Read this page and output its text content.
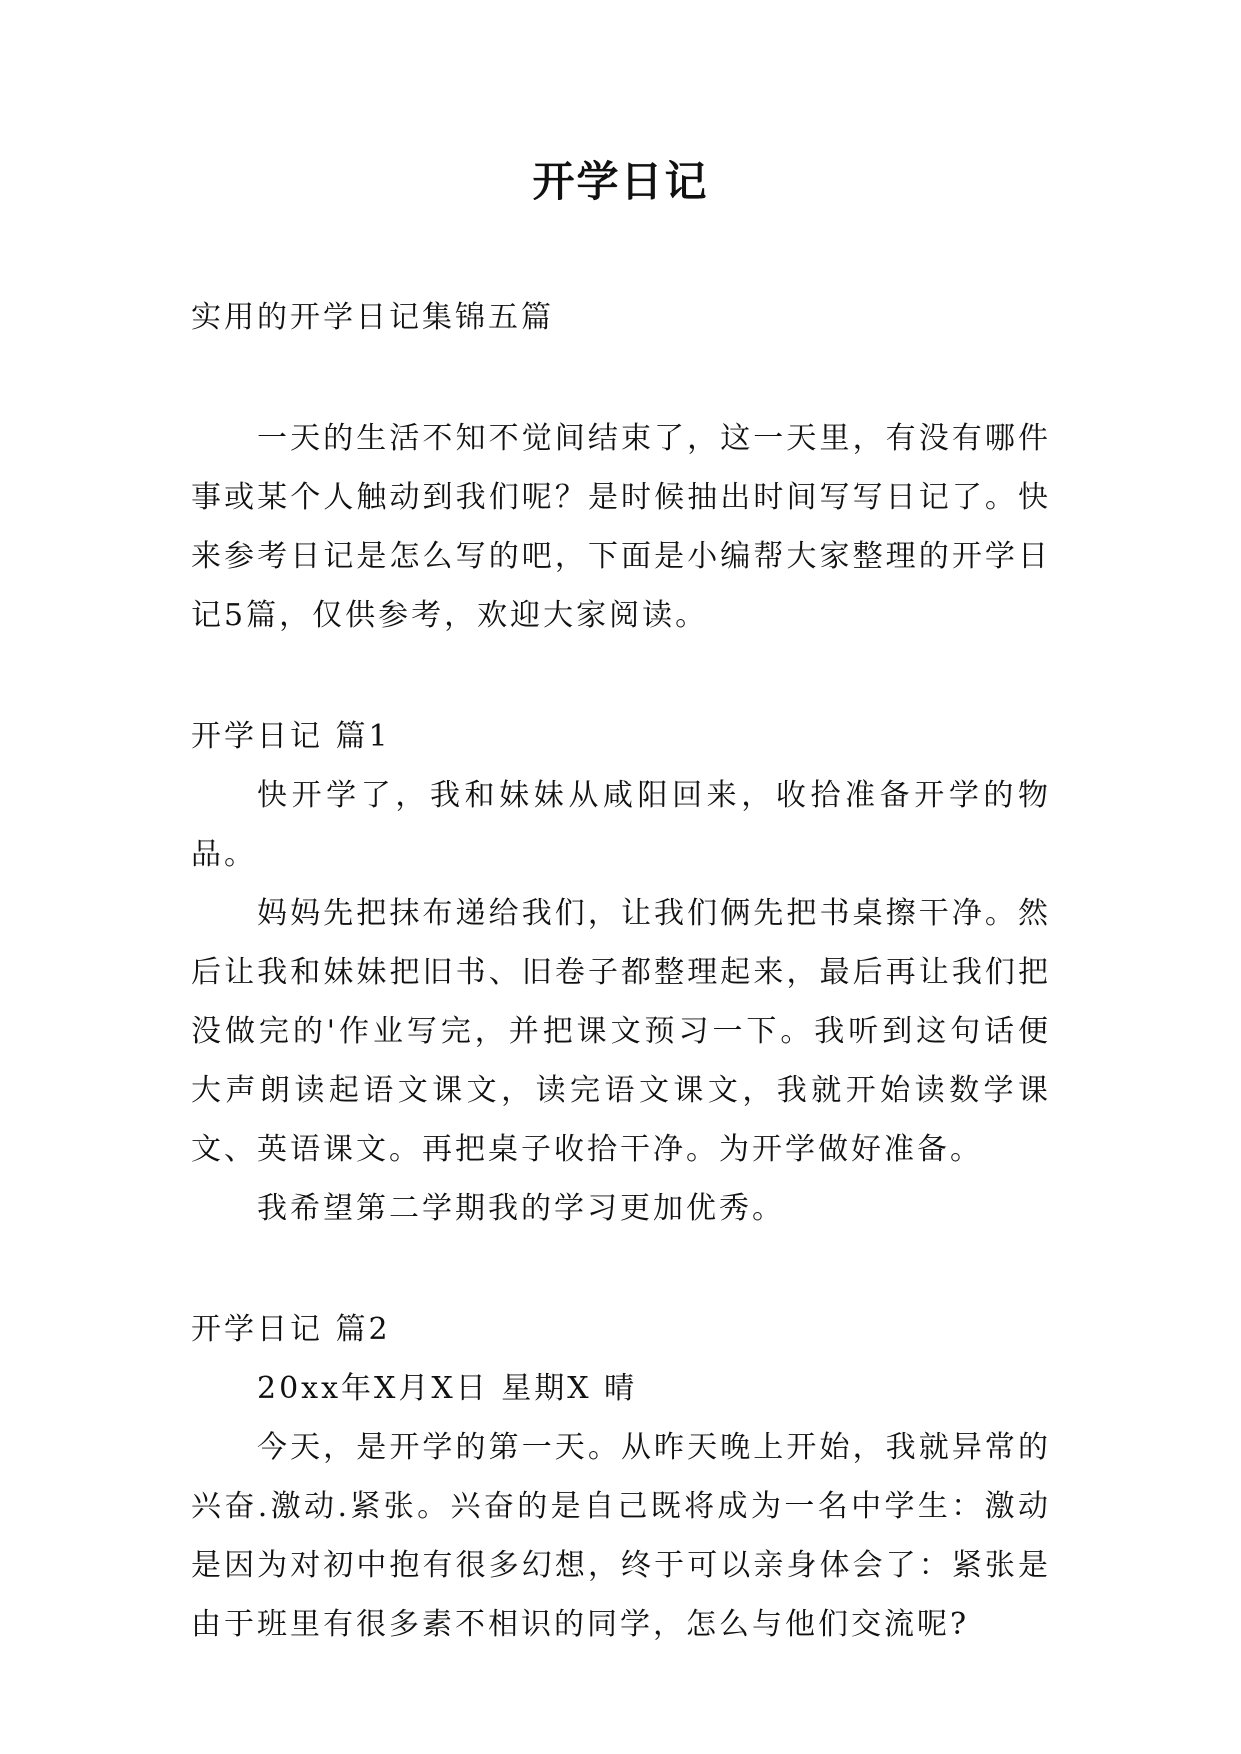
开学日记

实用的开学日记集锦五篇

一天的生活不知不觉间结束了，这一天里，有没有哪件事或某个人触动到我们呢？是时候抽出时间写写日记了。快来参考日记是怎么写的吧，下面是小编帮大家整理的开学日记5篇，仅供参考，欢迎大家阅读。

开学日记 篇1

快开学了，我和妹妹从咸阳回来，收拾准备开学的物品。

妈妈先把抹布递给我们，让我们俩先把书桌擦干净。然后让我和妹妹把旧书、旧卷子都整理起来，最后再让我们把没做完的'作业写完，并把课文预习一下。我听到这句话便大声朗读起语文课文，读完语文课文，我就开始读数学课文、英语课文。再把桌子收拾干净。为开学做好准备。

我希望第二学期我的学习更加优秀。

开学日记 篇2

20xx年X月X日 星期X 晴

今天，是开学的第一天。从昨天晚上开始，我就异常的兴奋.激动.紧张。兴奋的是自己既将成为一名中学生：激动是因为对初中抱有很多幻想，终于可以亲身体会了：紧张是由于班里有很多素不相识的同学，怎么与他们交流呢?
